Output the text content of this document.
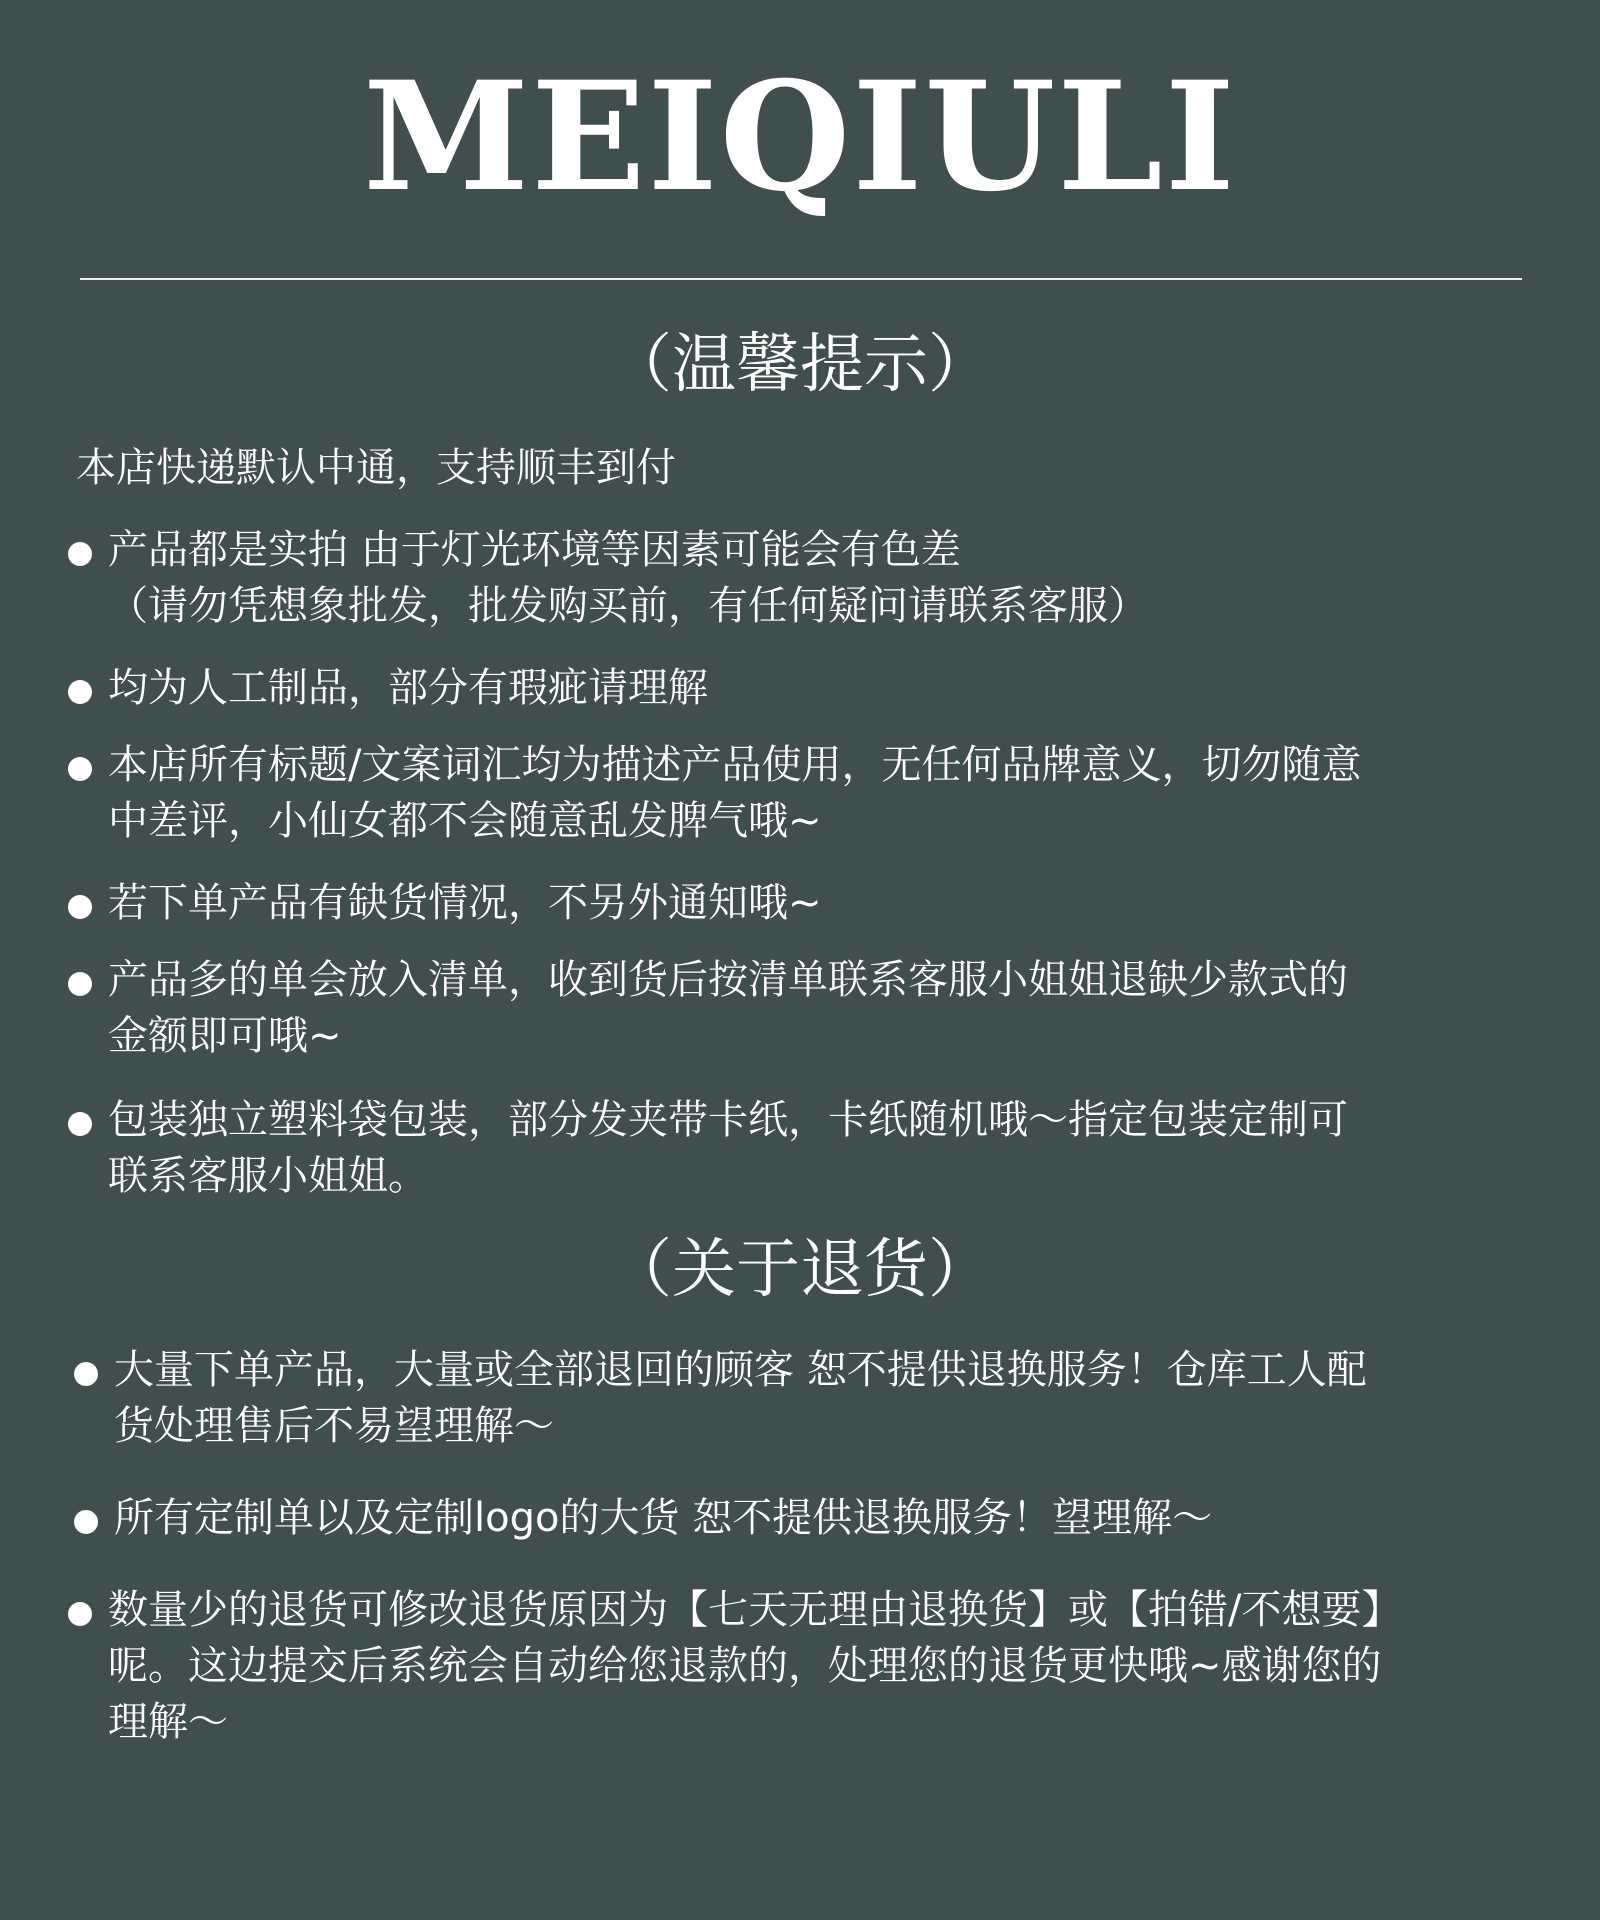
MEIQIULI
（温馨提示）
本店快递默认中通，支持顺丰到付
产品都是实拍 由于灯光环境等因素可能会有色差
（请勿凭想象批发，批发购买前，有任何疑问请联系客服）
均为人工制品，部分有瑕疵请理解
本店所有标题/文案词汇均为描述产品使用，无任何品牌意义，切勿随意
中差评，小仙女都不会随意乱发脾气哦~
若下单产品有缺货情况，不另外通知哦~
产品多的单会放入清单，收到货后按清单联系客服小姐姐退缺少款式的
金额即可哦~
包装独立塑料袋包装，部分发夹带卡纸，卡纸随机哦～指定包装定制可
联系客服小姐姐。
（关于退货）
大量下单产品，大量或全部退回的顾客 恕不提供退换服务！仓库工人配
货处理售后不易望理解～
所有定制单以及定制logo的大货 恕不提供退换服务！望理解～
数量少的退货可修改退货原因为【七天无理由退换货】或【拍错/不想要】
呢。这边提交后系统会自动给您退款的，处理您的退货更快哦~感谢您的
理解～
